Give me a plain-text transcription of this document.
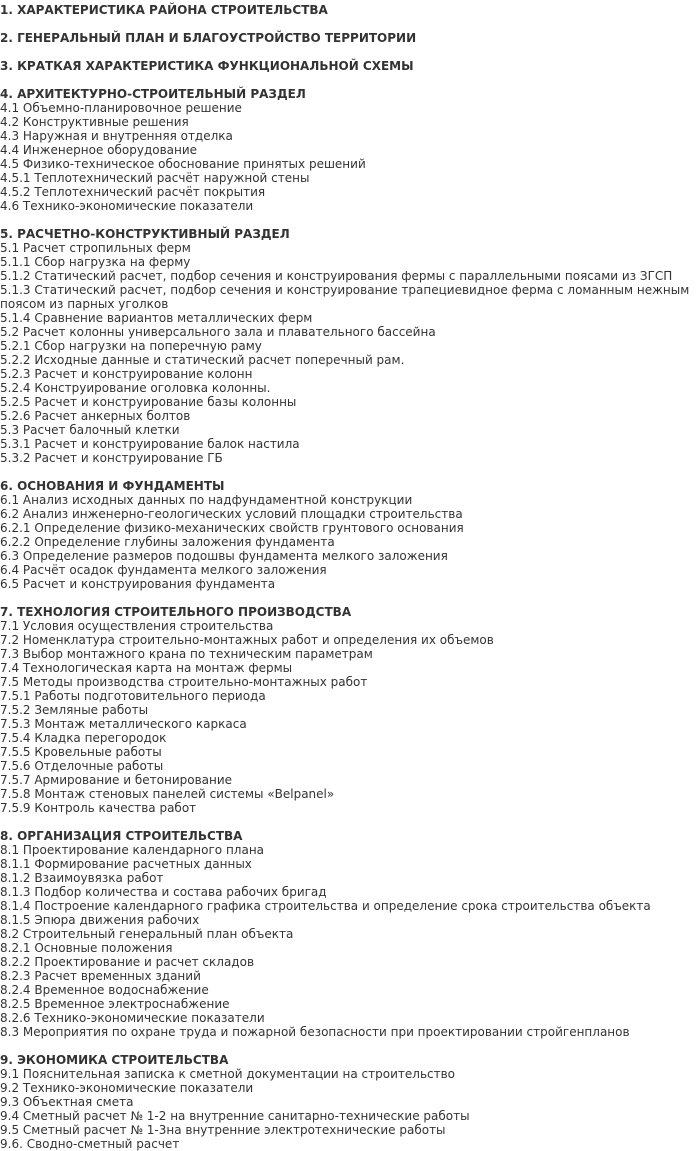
1. ХАРАКТЕРИСТИКА РАЙОНА СТРОИТЕЛЬСТВА
2. ГЕНЕРАЛЬНЫЙ ПЛАН И БЛАГОУСТРОЙСТВО ТЕРРИТОРИИ
3. КРАТКАЯ ХАРАКТЕРИСТИКА ФУНКЦИОНАЛЬНОЙ СХЕМЫ
4. АРХИТЕКТУРНО-СТРОИТЕЛЬНЫЙ РАЗДЕЛ
4.1 Объемно-планировочное решение
4.2 Конструктивные решения
4.3 Наружная и внутренняя отделка
4.4 Инженерное оборудование
4.5 Физико-техническое обоснование принятых решений
4.5.1 Теплотехнический расчёт наружной стены
4.5.2 Теплотехнический расчёт покрытия
4.6 Технико-экономические показатели
5. РАСЧЕТНО-КОНСТРУКТИВНЫЙ РАЗДЕЛ
5.1 Расчет стропильных ферм
5.1.1 Сбор нагрузка на ферму
5.1.2 Статический расчет, подбор сечения и конструирования фермы с параллельными поясами из ЗГСП
5.1.3 Статический расчет, подбор сечения и конструирование трапециевидное ферма с ломанным нежным поясом из парных уголков
5.1.4 Сравнение вариантов металлических ферм
5.2 Расчет колонны универсального зала и плавательного бассейна
5.2.1 Сбор нагрузки на поперечную раму
5.2.2 Исходные данные и статический расчет поперечный рам.
5.2.3 Расчет и конструирование колонн
5.2.4 Конструирование оголовка колонны.
5.2.5 Расчет и конструирование базы колонны
5.2.6 Расчет анкерных болтов
5.3 Расчет балочный клетки
5.3.1 Расчет и конструирование балок настила
5.3.2 Расчет и конструирование ГБ
6. ОСНОВАНИЯ И ФУНДАМЕНТЫ
6.1 Анализ исходных данных по надфундаментной конструкции
6.2 Анализ инженерно-геологических условий площадки строительства
6.2.1 Определение физико-механических свойств грунтового основания
6.2.2 Определение глубины заложения фундамента
6.3 Определение размеров подошвы фундамента мелкого заложения
6.4 Расчёт осадок фундамента мелкого заложения
6.5 Расчет и конструирования фундамента
7. ТЕХНОЛОГИЯ СТРОИТЕЛЬНОГО ПРОИЗВОДСТВА
7.1 Условия осуществления строительства
7.2 Номенклатура строительно-монтажных работ и определения их объемов
7.3 Выбор монтажного крана по техническим параметрам
7.4 Технологическая карта на монтаж фермы
7.5 Методы производства строительно-монтажных работ
7.5.1 Работы подготовительного периода
7.5.2 Земляные работы
7.5.3 Монтаж металлического каркаса
7.5.4 Кладка перегородок
7.5.5 Кровельные работы
7.5.6 Отделочные работы
7.5.7 Армирование и бетонирование
7.5.8 Монтаж стеновых панелей системы «Belpanel»
7.5.9 Контроль качества работ
8. ОРГАНИЗАЦИЯ СТРОИТЕЛЬСТВА
8.1 Проектирование календарного плана
8.1.1 Формирование расчетных данных
8.1.2 Взаимоувязка работ
8.1.3 Подбор количества и состава рабочих бригад
8.1.4 Построение календарного графика строительства и определение срока строительства объекта
8.1.5 Эпюра движения рабочих
8.2 Строительный генеральный план объекта
8.2.1 Основные положения
8.2.2 Проектирование и расчет складов
8.2.3 Расчет временных зданий
8.2.4 Временное водоснабжение
8.2.5 Временное электроснабжение
8.2.6 Технико-экономические показатели
8.3 Мероприятия по охране труда и пожарной безопасности при проектировании стройгенпланов
9. ЭКОНОМИКА СТРОИТЕЛЬСТВА
9.1 Пояснительная записка к сметной документации на строительство
9.2 Технико-экономические показатели
9.3 Объектная смета
9.4 Сметный расчет № 1-2 на внутренние санитарно-технические работы
9.5 Сметный расчет № 1-3на внутренние электротехнические работы
9.6. Сводно-сметный расчет
